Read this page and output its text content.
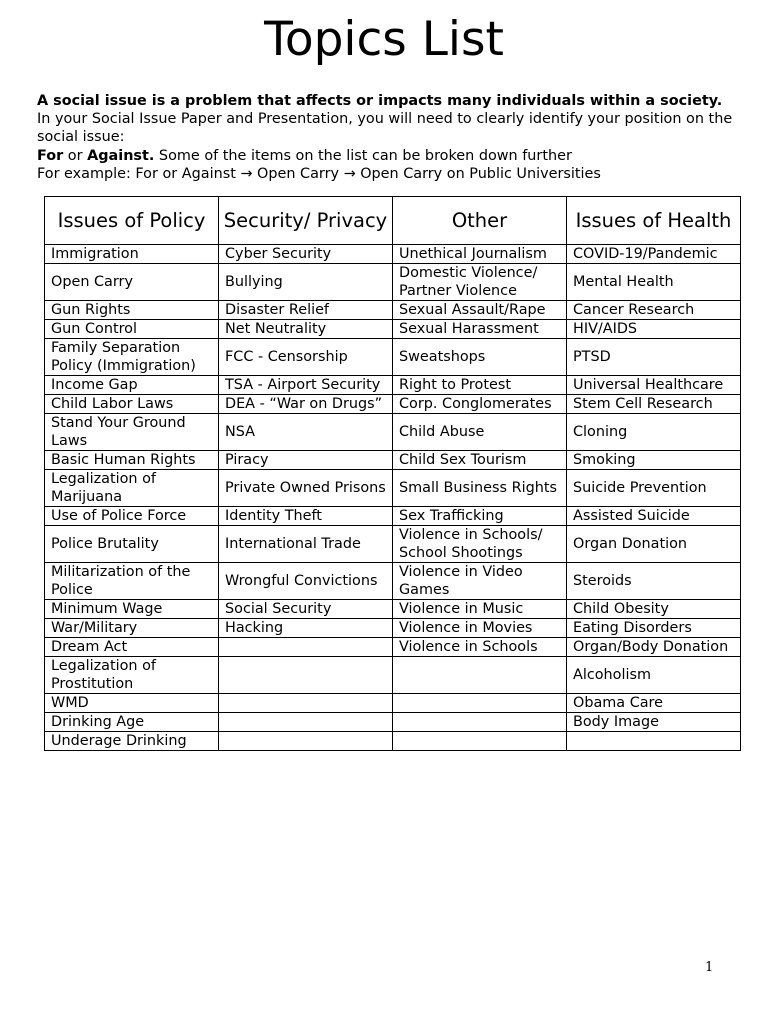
Topics List

A social issue is a problem that affects or impacts many individuals within a society. In your Social Issue Paper and Presentation, you will need to clearly identify your position on the social issue:

For or Against. Some of the items on the list can be broken down further

For example: For or Against → Open Carry → Open Carry on Public Universities

Issues of Policy	Security/ Privacy	Other	Issues of Health
Immigration	Cyber Security	Unethical Journalism	COVID-19/Pandemic
Open Carry	Bullying	Domestic Violence/ Partner Violence	Mental Health
Gun Rights	Disaster Relief	Sexual Assault/Rape	Cancer Research
Gun Control	Net Neutrality	Sexual Harassment	HIV/AIDS
Family Separation Policy (Immigration)	FCC - Censorship	Sweatshops	PTSD
Income Gap	TSA - Airport Security	Right to Protest	Universal Healthcare
Child Labor Laws	DEA - “War on Drugs”	Corp. Conglomerates	Stem Cell Research
Stand Your Ground Laws	NSA	Child Abuse	Cloning
Basic Human Rights	Piracy	Child Sex Tourism	Smoking
Legalization of Marijuana	Private Owned Prisons	Small Business Rights	Suicide Prevention
Use of Police Force	Identity Theft	Sex Trafficking	Assisted Suicide
Police Brutality	International Trade	Violence in Schools/ School Shootings	Organ Donation
Militarization of the Police	Wrongful Convictions	Violence in Video Games	Steroids
Minimum Wage	Social Security	Violence in Music	Child Obesity
War/Military	Hacking	Violence in Movies	Eating Disorders
Dream Act		Violence in Schools	Organ/Body Donation
Legalization of Prostitution			Alcoholism
WMD			Obama Care
Drinking Age			Body Image
Underage Drinking			
1
